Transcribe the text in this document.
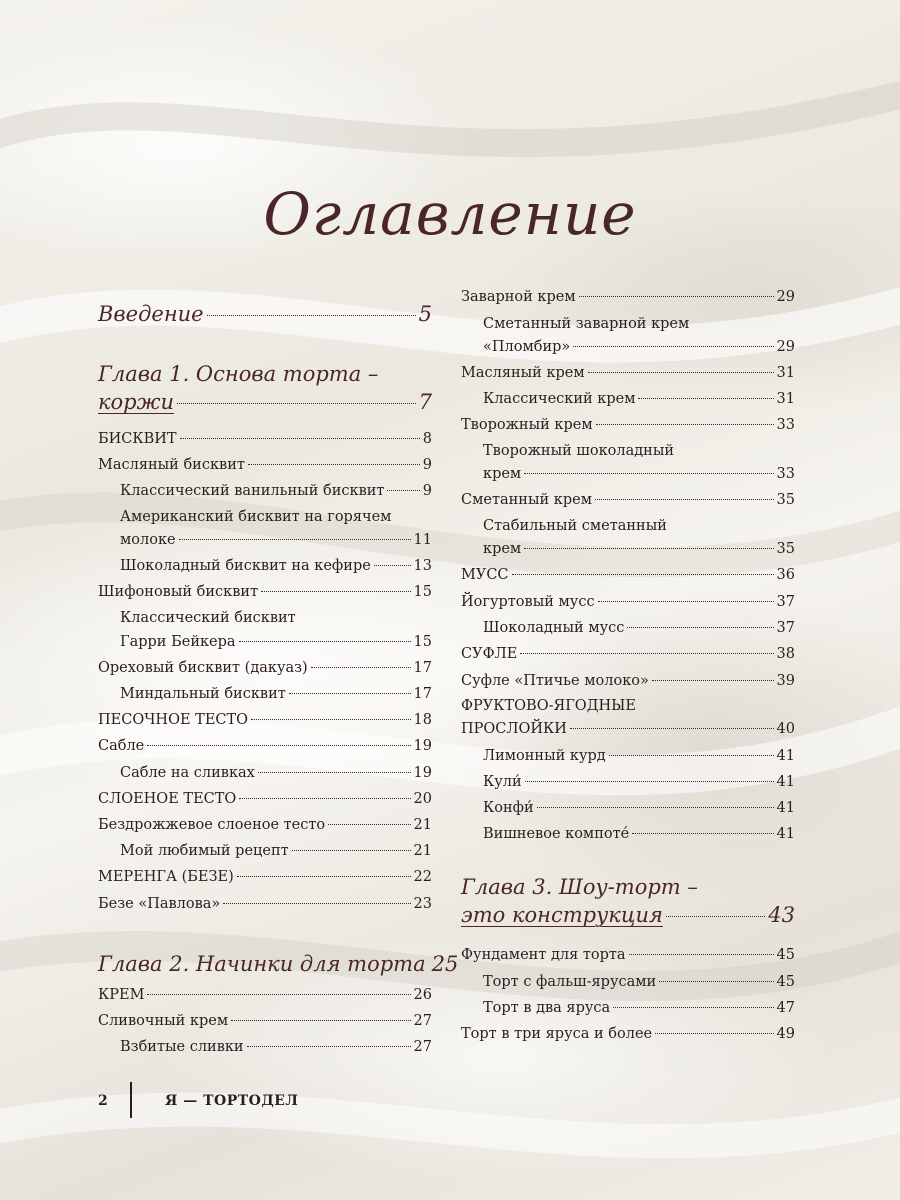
Оглавление
Введение	5
Глава 1. Основа торта –
коржи	7
БИСКВИТ	8
Масляный бисквит	9
Классический ванильный бисквит	9
Американский бисквит на горячем
молоке	11
Шоколадный бисквит на кефире	13
Шифоновый бисквит	15
Классический бисквит
Гарри Бейкера	15
Ореховый бисквит (дакуаз)	17
Миндальный бисквит	17
ПЕСОЧНОЕ ТЕСТО	18
Сабле	19
Сабле на сливках	19
СЛОЕНОЕ ТЕСТО	20
Бездрожжевое слоеное тесто	21
Мой любимый рецепт	21
МЕРЕНГА (БЕЗЕ)	22
Безе «Павлова»	23
Глава 2. Начинки для торта 25
КРЕМ	26
Сливочный крем	27
Взбитые сливки	27
Заварной крем	29
Сметанный заварной крем
«Пломбир»	29
Масляный крем	31
Классический крем	31
Творожный крем	33
Творожный шоколадный
крем	33
Сметанный крем	35
Стабильный сметанный
крем	35
МУСС	36
Йогуртовый мусс	37
Шоколадный мусс	37
СУФЛЕ	38
Суфле «Птичье молоко»	39
ФРУКТОВО-ЯГОДНЫЕ
ПРОСЛОЙКИ	40
Лимонный курд	41
Кули́	41
Конфи́	41
Вишневое компоте́	41
Глава 3. Шоу-торт –
это конструкция	43
Фундамент для торта	45
Торт с фальш-ярусами	45
Торт в два яруса	47
Торт в три яруса и более	49
2	Я — ТОРТОДЕЛ
